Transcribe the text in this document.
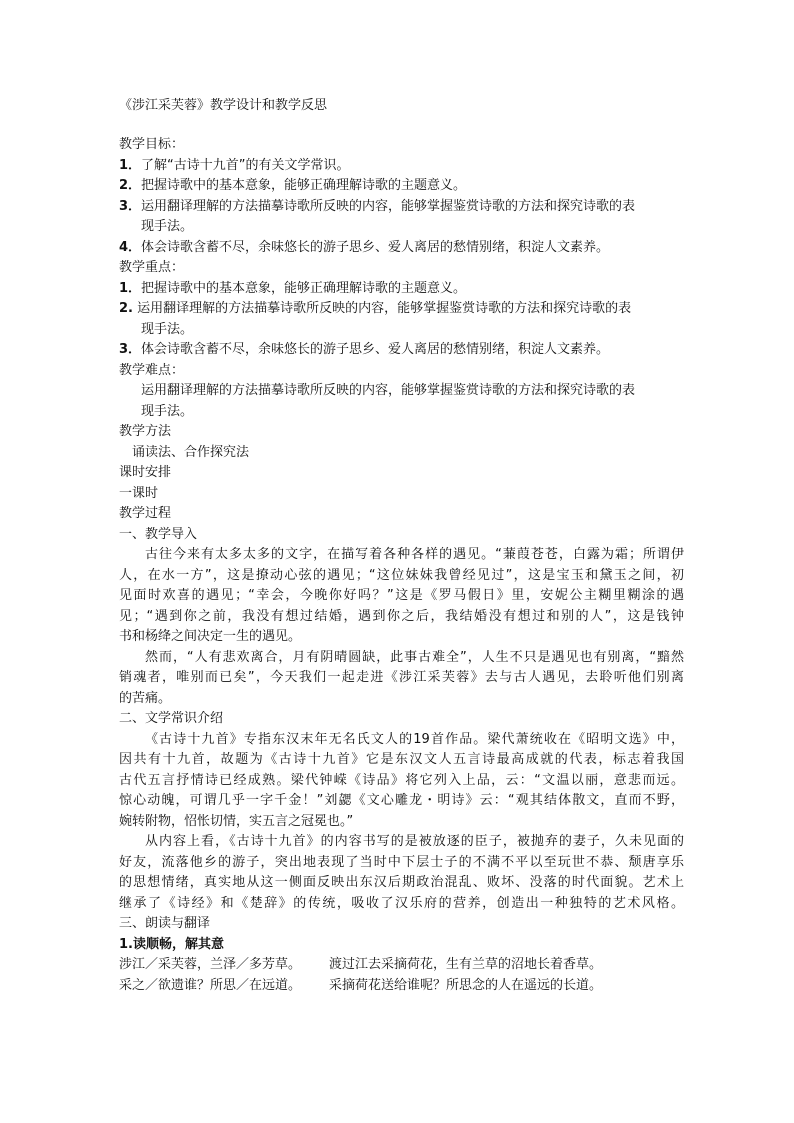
《涉江采芙蓉》教学设计和教学反思
教学目标：
1．了解“古诗十九首”的有关文学常识。
2．把握诗歌中的基本意象，能够正确理解诗歌的主题意义。
3．运用翻译理解的方法描摹诗歌所反映的内容，能够掌握鉴赏诗歌的方法和探究诗歌的表
现手法。
4．体会诗歌含蓄不尽，余味悠长的游子思乡、爱人离居的愁情别绪，积淀人文素养。
教学重点：
1．把握诗歌中的基本意象，能够正确理解诗歌的主题意义。
2. 运用翻译理解的方法描摹诗歌所反映的内容，能够掌握鉴赏诗歌的方法和探究诗歌的表
现手法。
3．体会诗歌含蓄不尽，余味悠长的游子思乡、爱人离居的愁情别绪，积淀人文素养。
教学难点：
运用翻译理解的方法描摹诗歌所反映的内容，能够掌握鉴赏诗歌的方法和探究诗歌的表
现手法。
教学方法
诵读法、合作探究法
课时安排
一课时
教学过程
一、教学导入
古往今来有太多太多的文字，在描写着各种各样的遇见。“蒹葭苍苍，白露为霜；所谓伊
人，在水一方”，这是撩动心弦的遇见；“这位妹妹我曾经见过”，这是宝玉和黛玉之间，初
见面时欢喜的遇见；“幸会，今晚你好吗？”这是《罗马假日》里，安妮公主糊里糊涂的遇
见；“遇到你之前，我没有想过结婚，遇到你之后，我结婚没有想过和别的人”，这是钱钟
书和杨绛之间决定一生的遇见。
然而，“人有悲欢离合，月有阴晴圆缺，此事古难全”，人生不只是遇见也有别离，“黯然
销魂者，唯别而已矣”，今天我们一起走进《涉江采芙蓉》去与古人遇见，去聆听他们别离
的苦痛。
二、文学常识介绍
《古诗十九首》专指东汉末年无名氏文人的19首作品。梁代萧统收在《昭明文选》中，
因共有十九首，故题为《古诗十九首》它是东汉文人五言诗最高成就的代表，标志着我国
古代五言抒情诗已经成熟。梁代钟嵘《诗品》将它列入上品，云：“文温以丽，意悲而远。
惊心动魄，可谓几乎一字千金！”刘勰《文心雕龙・明诗》云：“观其结体散文，直而不野，
婉转附物，怊怅切情，实五言之冠冕也。”
从内容上看，《古诗十九首》的内容书写的是被放逐的臣子，被抛弃的妻子，久未见面的
好友，流落他乡的游子，突出地表现了当时中下层士子的不满不平以至玩世不恭、颓唐享乐
的思想情绪，真实地从这一侧面反映出东汉后期政治混乱、败坏、没落的时代面貌。艺术上
继承了《诗经》和《楚辞》的传统，吸收了汉乐府的营养，创造出一种独特的艺术风格。
三、朗读与翻译
1.读顺畅，解其意
涉江／采芙蓉，兰泽／多芳草。 渡过江去采摘荷花，生有兰草的沼地长着香草。
采之／欲遗谁？所思／在远道。 采摘荷花送给谁呢？所思念的人在遥远的长道。
